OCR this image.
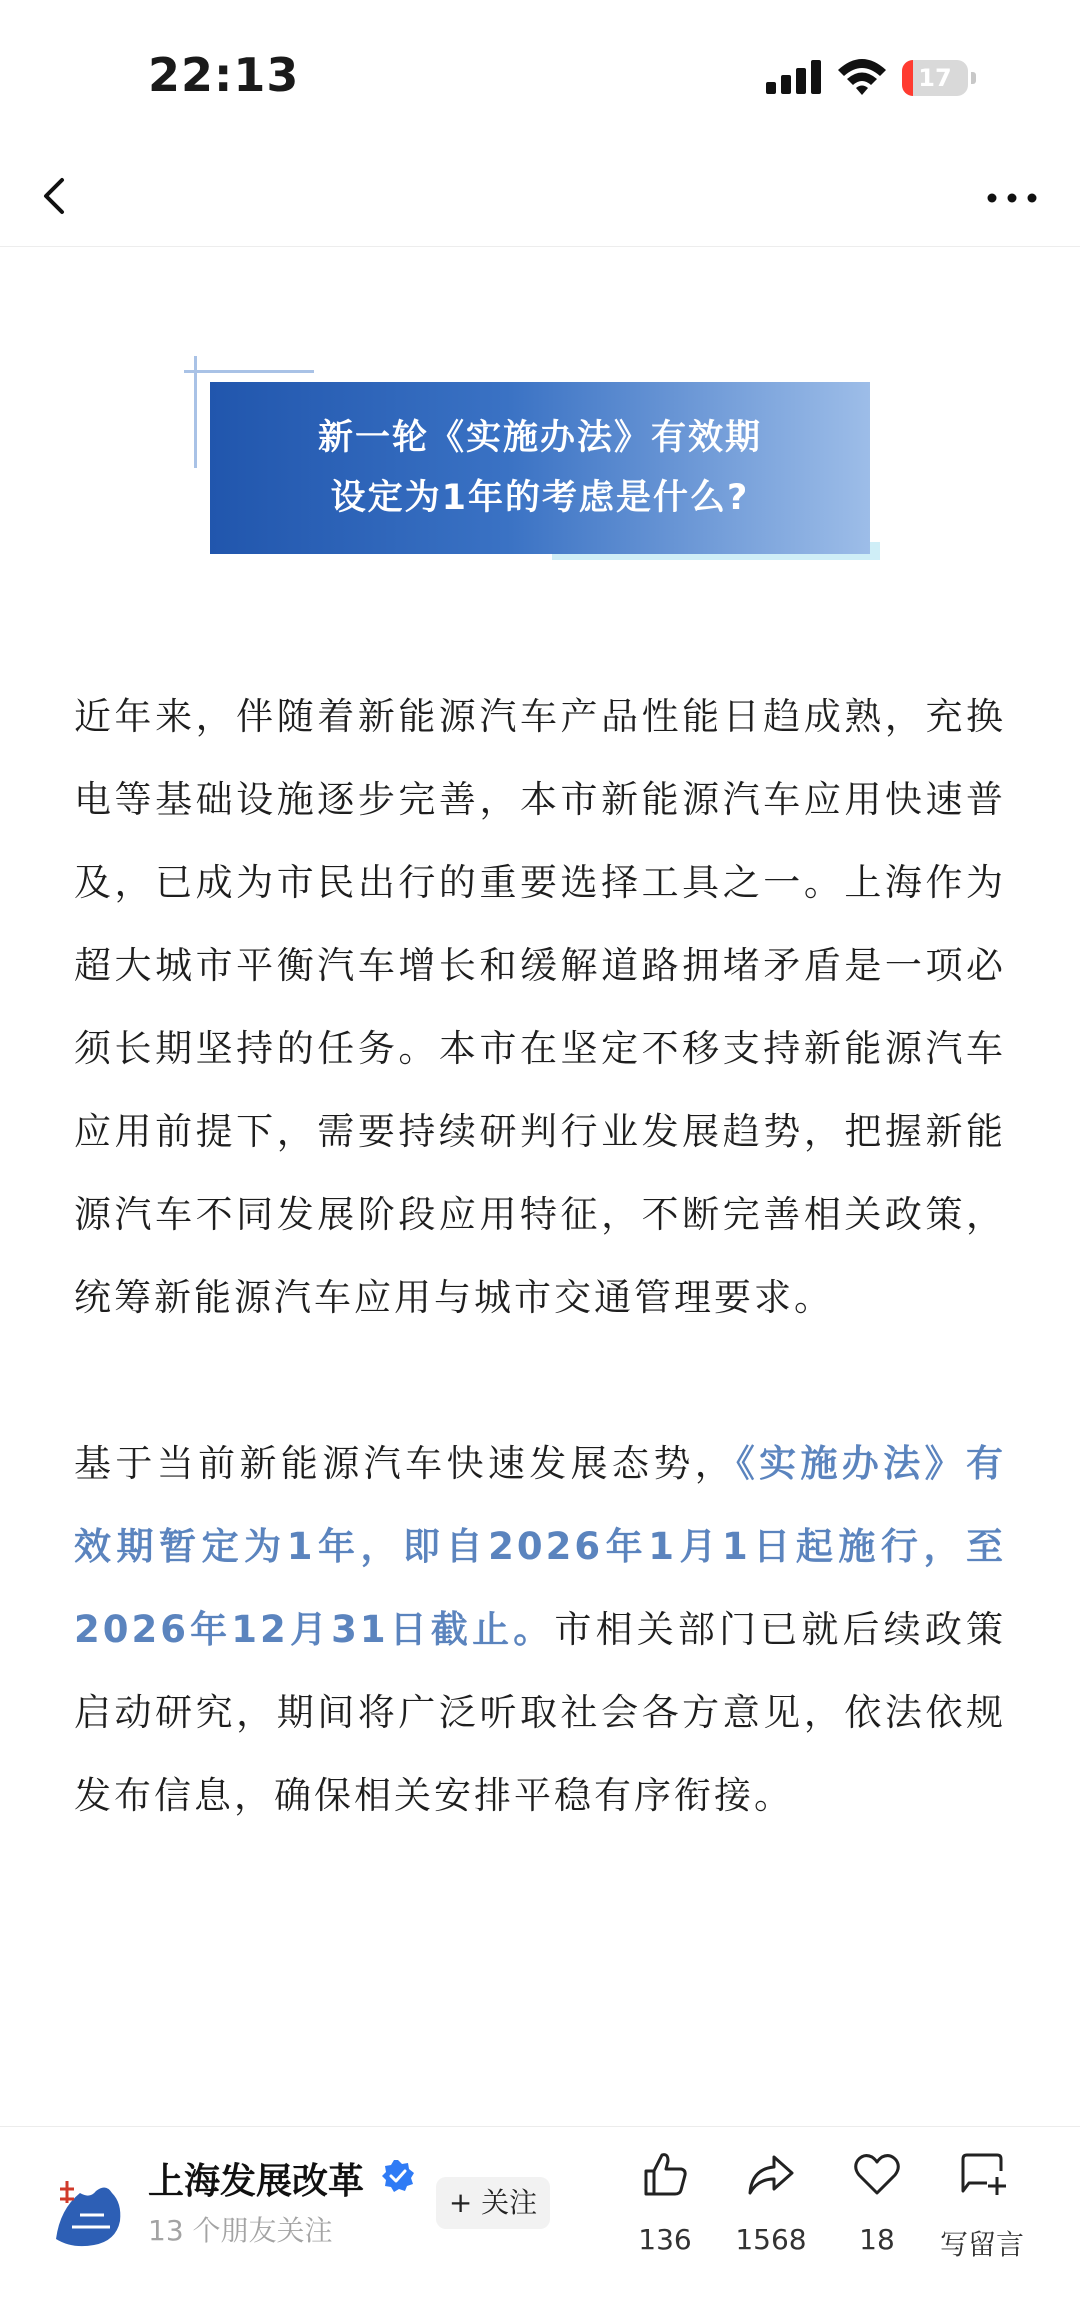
22:13	17
新一轮《实施办法》有效期
设定为1年的考虑是什么?

近年来，伴随着新能源汽车产品性能日趋成熟，充换电等基础设施逐步完善，本市新能源汽车应用快速普及，已成为市民出行的重要选择工具之一。上海作为超大城市平衡汽车增长和缓解道路拥堵矛盾是一项必须长期坚持的任务。本市在坚定不移支持新能源汽车应用前提下，需要持续研判行业发展趋势，把握新能源汽车不同发展阶段应用特征，不断完善相关政策，统筹新能源汽车应用与城市交通管理要求。

基于当前新能源汽车快速发展态势，《实施办法》有效期暂定为1年，即自2026年1月1日起施行，至2026年12月31日截止。市相关部门已就后续政策启动研究，期间将广泛听取社会各方意见，依法依规发布信息，确保相关安排平稳有序衔接。

上海发展改革
13 个朋友关注
+ 关注
136	1568	18	写留言
